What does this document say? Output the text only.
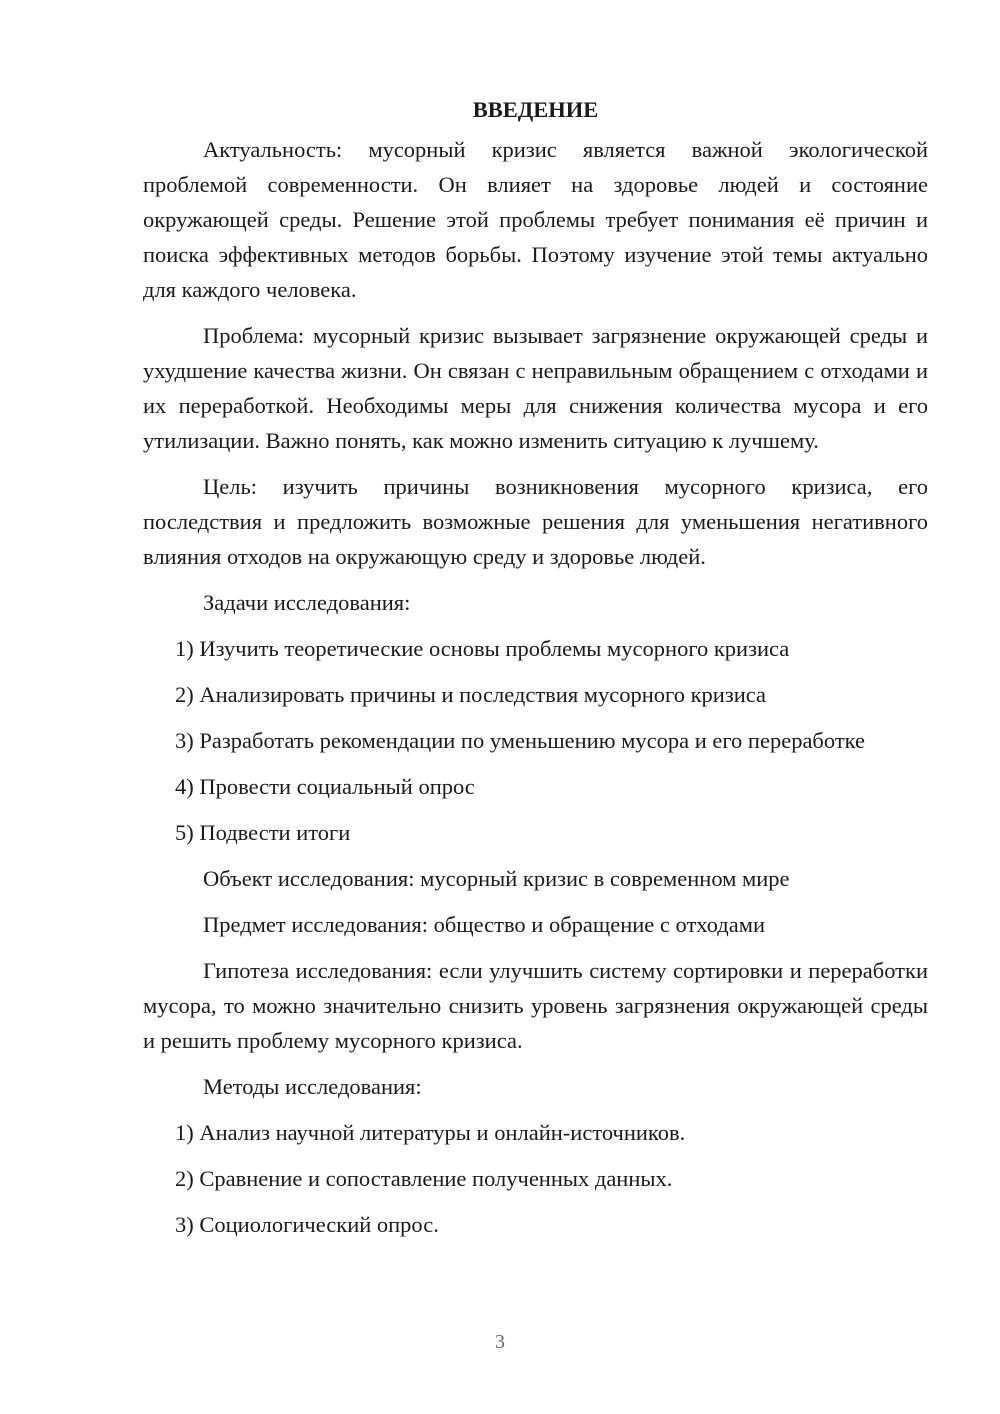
ВВЕДЕНИЕ

Актуальность: мусорный кризис является важной экологической проблемой современности. Он влияет на здоровье людей и состояние окружающей среды. Решение этой проблемы требует понимания её причин и поиска эффективных методов борьбы. Поэтому изучение этой темы актуально для каждого человека.

Проблема: мусорный кризис вызывает загрязнение окружающей среды и ухудшение качества жизни. Он связан с неправильным обращением с отходами и их переработкой. Необходимы меры для снижения количества мусора и его утилизации. Важно понять, как можно изменить ситуацию к лучшему.

Цель: изучить причины возникновения мусорного кризиса, его последствия и предложить возможные решения для уменьшения негативного влияния отходов на окружающую среду и здоровье людей.

Задачи исследования:

1) Изучить теоретические основы проблемы мусорного кризиса

2) Анализировать причины и последствия мусорного кризиса

3) Разработать рекомендации по уменьшению мусора и его переработке

4) Провести социальный опрос

5) Подвести итоги

Объект исследования: мусорный кризис в современном мире

Предмет исследования: общество и обращение с отходами

Гипотеза исследования: если улучшить систему сортировки и переработки мусора, то можно значительно снизить уровень загрязнения окружающей среды и решить проблему мусорного кризиса.

Методы исследования:

1) Анализ научной литературы и онлайн-источников.

2) Сравнение и сопоставление полученных данных.

3) Социологический опрос.

3
